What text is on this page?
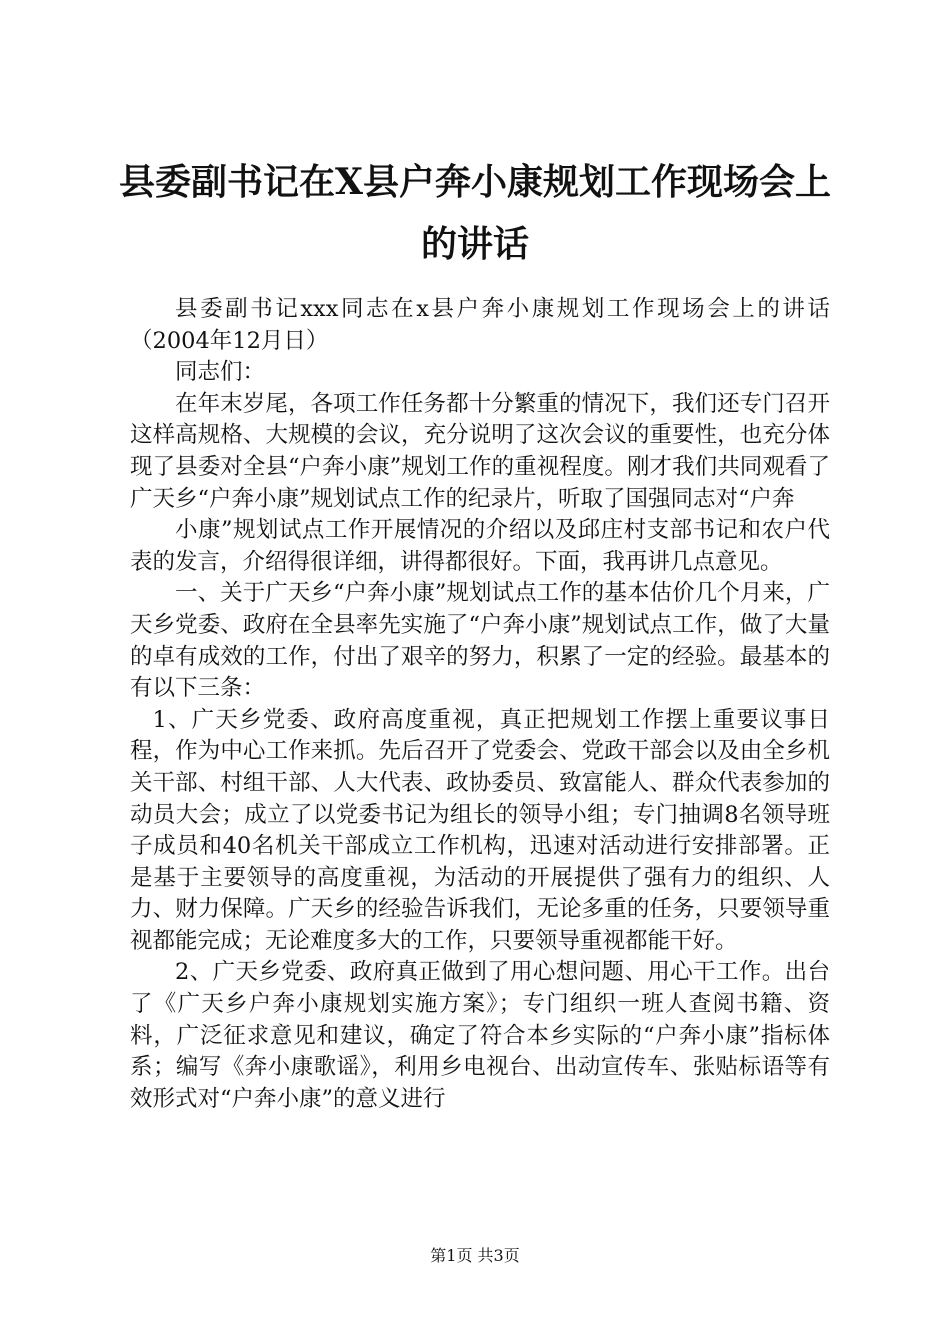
县委副书记在X县户奔小康规划工作现场会上
的讲话

县委副书记xxx同志在x县户奔小康规划工作现场会上的讲话（2004年12月日）

同志们：

在年末岁尾，各项工作任务都十分繁重的情况下，我们还专门召开这样高规格、大规模的会议，充分说明了这次会议的重要性，也充分体现了县委对全县“户奔小康”规划工作的重视程度。刚才我们共同观看了广天乡“户奔小康”规划试点工作的纪录片，听取了国强同志对“户奔

小康”规划试点工作开展情况的介绍以及邱庄村支部书记和农户代表的发言，介绍得很详细，讲得都很好。下面，我再讲几点意见。

一、关于广天乡“户奔小康”规划试点工作的基本估价几个月来，广天乡党委、政府在全县率先实施了“户奔小康”规划试点工作，做了大量的卓有成效的工作，付出了艰辛的努力，积累了一定的经验。最基本的有以下三条：

1、广天乡党委、政府高度重视，真正把规划工作摆上重要议事日程，作为中心工作来抓。先后召开了党委会、党政干部会以及由全乡机关干部、村组干部、人大代表、政协委员、致富能人、群众代表参加的动员大会；成立了以党委书记为组长的领导小组；专门抽调8名领导班子成员和40名机关干部成立工作机构，迅速对活动进行安排部署。正是基于主要领导的高度重视，为活动的开展提供了强有力的组织、人力、财力保障。广天乡的经验告诉我们，无论多重的任务，只要领导重视都能完成；无论难度多大的工作，只要领导重视都能干好。

2、广天乡党委、政府真正做到了用心想问题、用心干工作。出台了《广天乡户奔小康规划实施方案》；专门组织一班人查阅书籍、资料，广泛征求意见和建议，确定了符合本乡实际的“户奔小康”指标体系；编写《奔小康歌谣》，利用乡电视台、出动宣传车、张贴标语等有效形式对“户奔小康”的意义进行

第1页 共3页
